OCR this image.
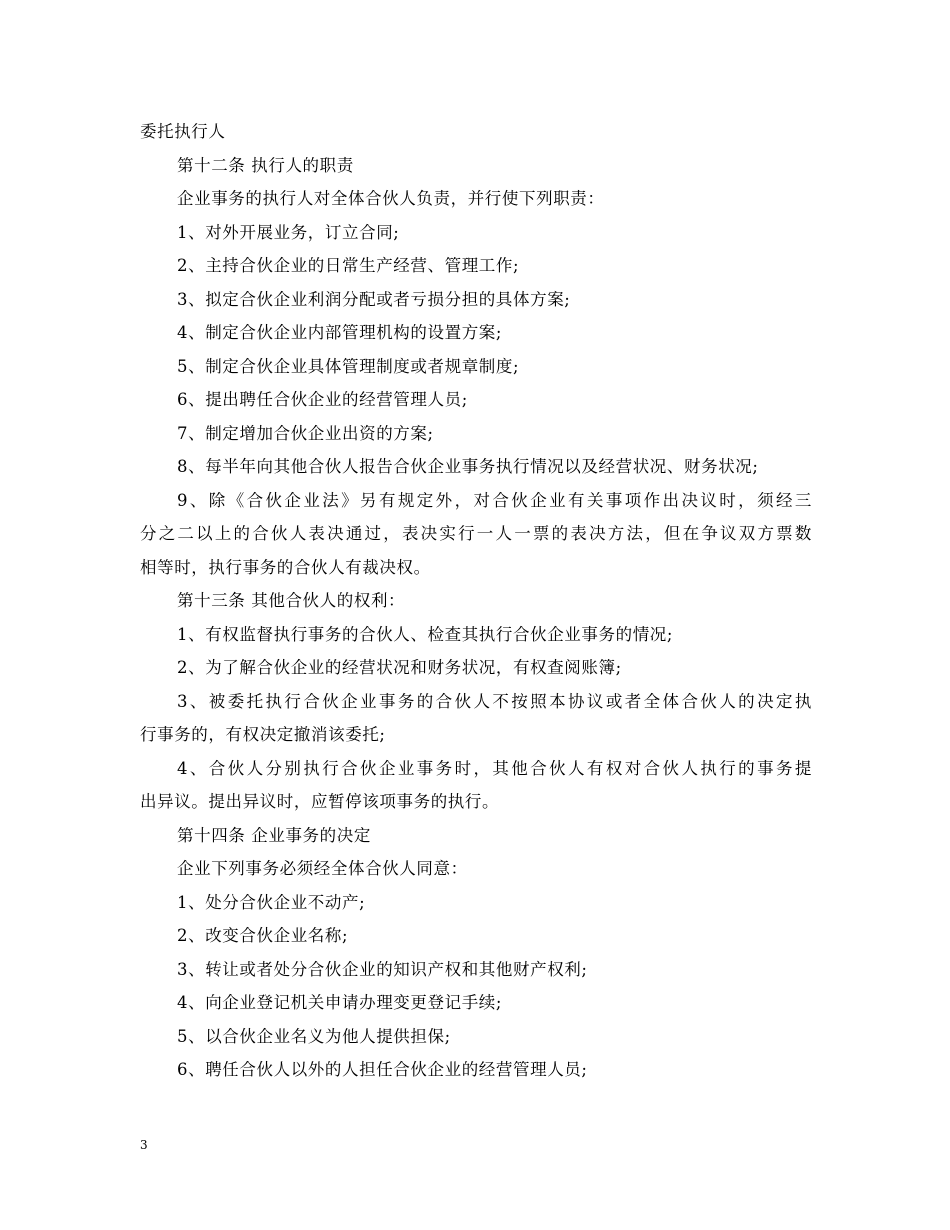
委托执行人
第十二条 执行人的职责
企业事务的执行人对全体合伙人负责，并行使下列职责：
1、对外开展业务，订立合同;
2、主持合伙企业的日常生产经营、管理工作;
3、拟定合伙企业利润分配或者亏损分担的具体方案;
4、制定合伙企业内部管理机构的设置方案;
5、制定合伙企业具体管理制度或者规章制度;
6、提出聘任合伙企业的经营管理人员;
7、制定增加合伙企业出资的方案;
8、每半年向其他合伙人报告合伙企业事务执行情况以及经营状况、财务状况;
9、除《合伙企业法》另有规定外，对合伙企业有关事项作出决议时，须经三
分之二以上的合伙人表决通过，表决实行一人一票的表决方法，但在争议双方票数
相等时，执行事务的合伙人有裁决权。
第十三条 其他合伙人的权利：
1、有权监督执行事务的合伙人、检查其执行合伙企业事务的情况;
2、为了解合伙企业的经营状况和财务状况，有权查阅账簿;
3、被委托执行合伙企业事务的合伙人不按照本协议或者全体合伙人的决定执
行事务的，有权决定撤消该委托;
4、合伙人分别执行合伙企业事务时，其他合伙人有权对合伙人执行的事务提
出异议。提出异议时，应暂停该项事务的执行。
第十四条 企业事务的决定
企业下列事务必须经全体合伙人同意：
1、处分合伙企业不动产;
2、改变合伙企业名称;
3、转让或者处分合伙企业的知识产权和其他财产权利;
4、向企业登记机关申请办理变更登记手续;
5、以合伙企业名义为他人提供担保;
6、聘任合伙人以外的人担任合伙企业的经营管理人员;
3
